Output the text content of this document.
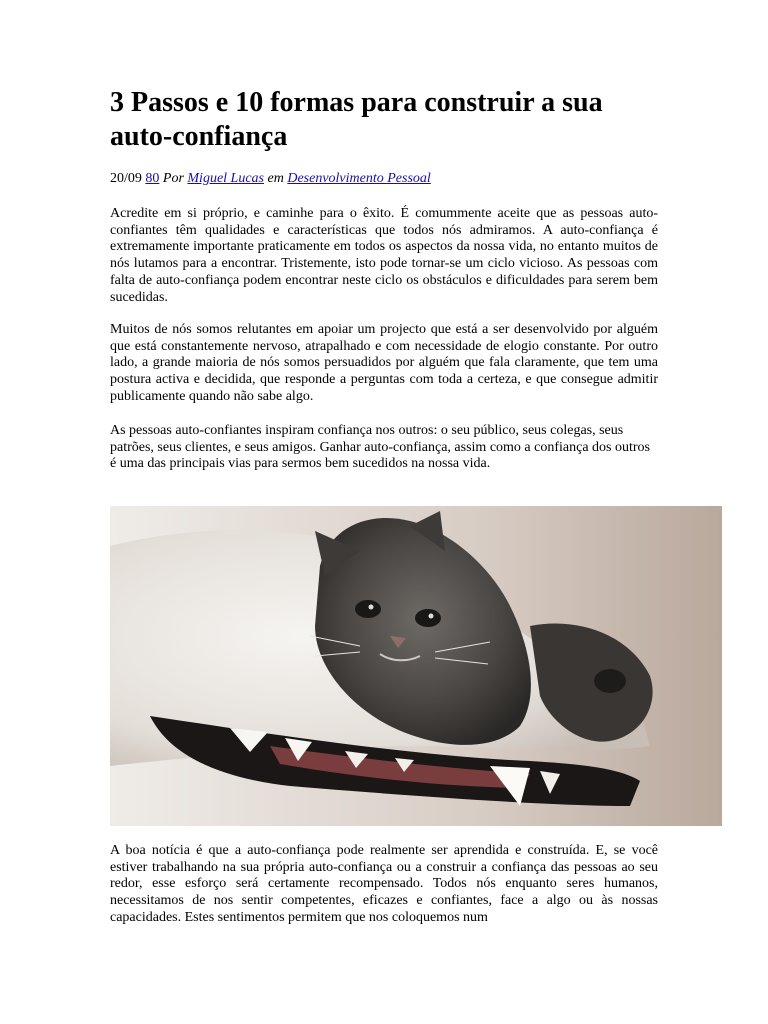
3 Passos e 10 formas para construir a sua auto-confiança
20/09 80 Por Miguel Lucas em Desenvolvimento Pessoal

Acredite em si próprio, e caminhe para o êxito. É comummente aceite que as pessoas auto-confiantes têm qualidades e características que todos nós admiramos. A auto-confiança é extremamente importante praticamente em todos os aspectos da nossa vida, no entanto muitos de nós lutamos para a encontrar. Tristemente, isto pode tornar-se um ciclo vicioso. As pessoas com falta de auto-confiança podem encontrar neste ciclo os obstáculos e dificuldades para serem bem sucedidas.

Muitos de nós somos relutantes em apoiar um projecto que está a ser desenvolvido por alguém que está constantemente nervoso, atrapalhado e com necessidade de elogio constante. Por outro lado, a grande maioria de nós somos persuadidos por alguém que fala claramente, que tem uma postura activa e decidida, que responde a perguntas com toda a certeza, e que consegue admitir publicamente quando não sabe algo.

As pessoas auto-confiantes inspiram confiança nos outros: o seu público, seus colegas, seus patrões, seus clientes, e seus amigos. Ganhar auto-confiança, assim como a confiança dos outros é uma das principais vias para sermos bem sucedidos na nossa vida.

A boa notícia é que a auto-confiança pode realmente ser aprendida e construída. E, se você estiver trabalhando na sua própria auto-confiança ou a construir a confiança das pessoas ao seu redor, esse esforço será certamente recompensado. Todos nós enquanto seres humanos, necessitamos de nos sentir competentes, eficazes e confiantes, face a algo ou às nossas capacidades. Estes sentimentos permitem que nos coloquemos num
